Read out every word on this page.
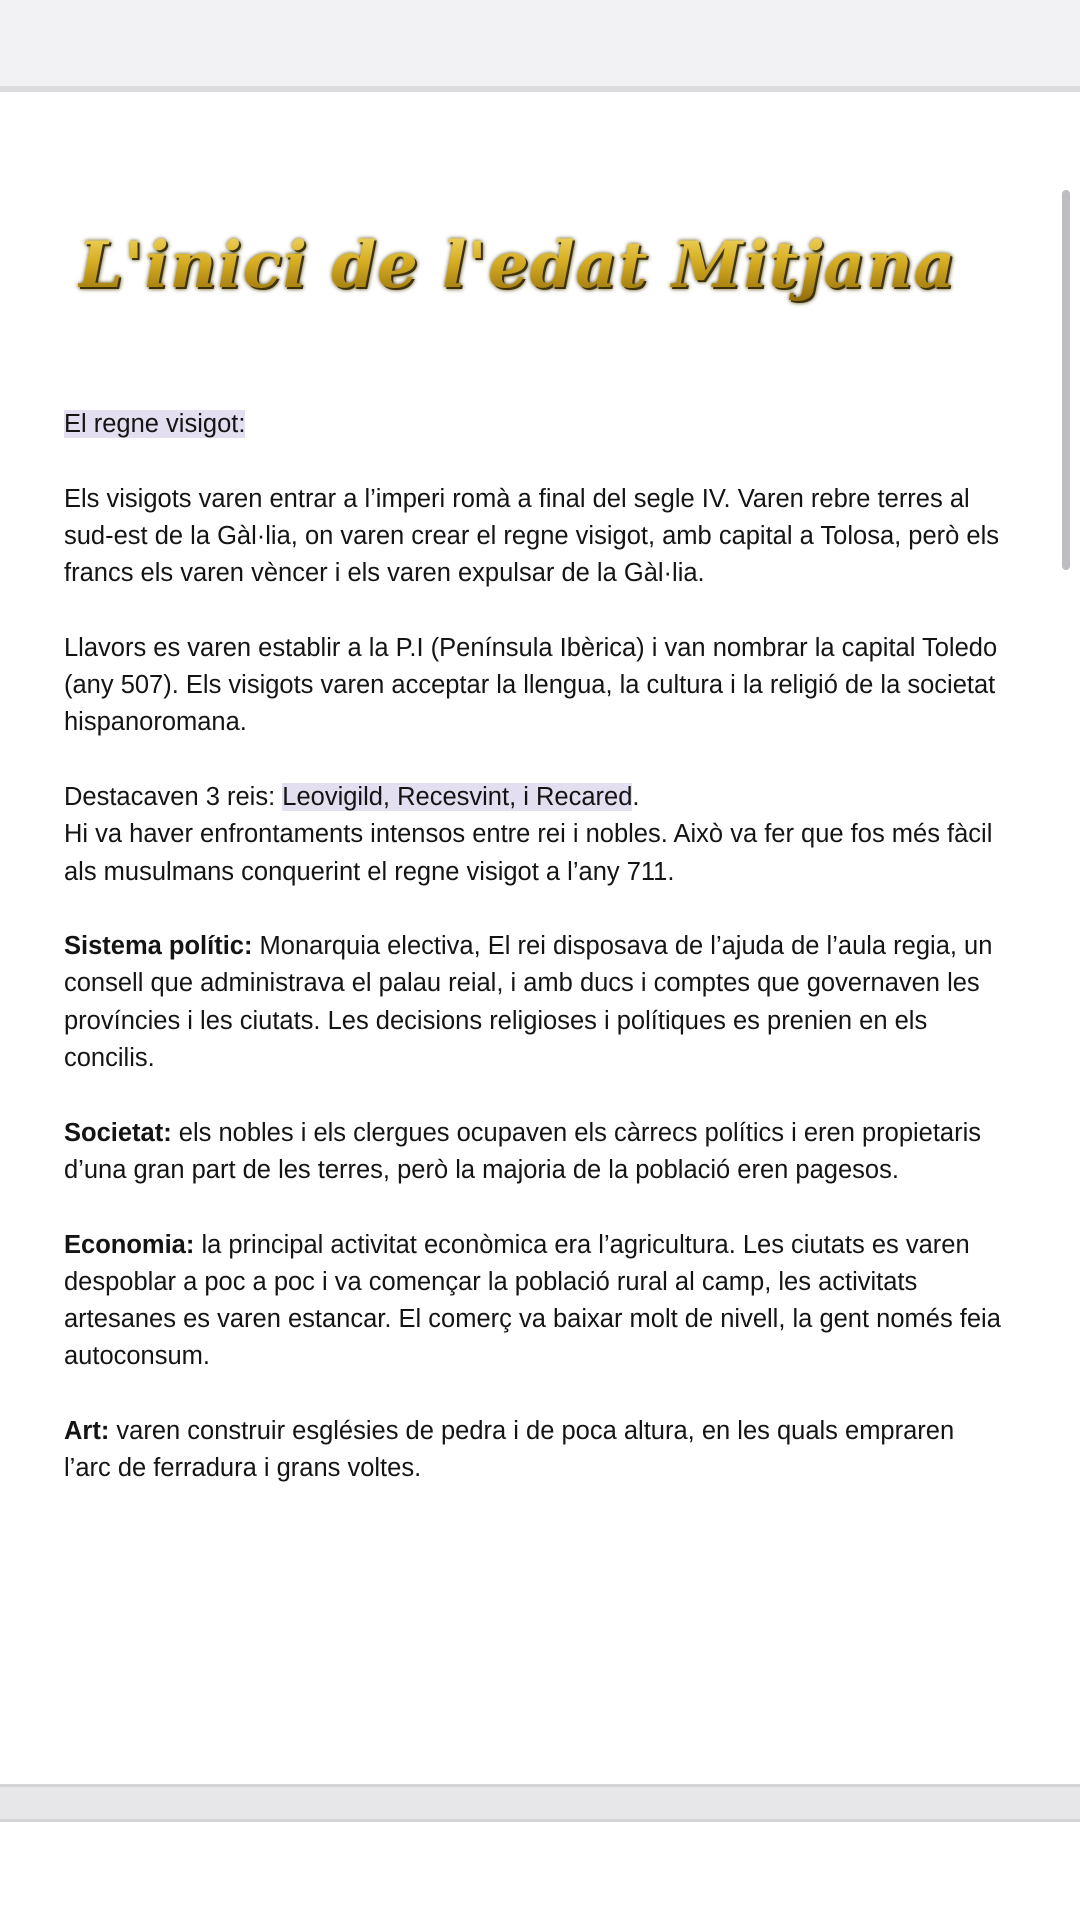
L'inici de l'edat Mitjana

El regne visigot:

Els visigots varen entrar a l’imperi romà a final del segle IV. Varen rebre terres al sud-est de la Gàl·lia, on varen crear el regne visigot, amb capital a Tolosa, però els francs els varen vèncer i els varen expulsar de la Gàl·lia.

Llavors es varen establir a la P.I (Península Ibèrica) i van nombrar la capital Toledo (any 507). Els visigots varen acceptar la llengua, la cultura i la religió de la societat hispanoromana.

Destacaven 3 reis: Leovigild, Recesvint, i Recared.
Hi va haver enfrontaments intensos entre rei i nobles. Això va fer que fos més fàcil als musulmans conquerint el regne visigot a l’any 711.

Sistema polític: Monarquia electiva, El rei disposava de l’ajuda de l’aula regia, un consell que administrava el palau reial, i amb ducs i comptes que governaven les províncies i les ciutats. Les decisions religioses i polítiques es prenien en els concilis.

Societat: els nobles i els clergues ocupaven els càrrecs polítics i eren propietaris d’una gran part de les terres, però la majoria de la població eren pagesos.

Economia: la principal activitat econòmica era l’agricultura. Les ciutats es varen despoblar a poc a poc i va començar la població rural al camp, les activitats artesanes es varen estancar. El comerç va baixar molt de nivell, la gent només feia autoconsum.

Art: varen construir esglésies de pedra i de poca altura, en les quals empraren l’arc de ferradura i grans voltes.
